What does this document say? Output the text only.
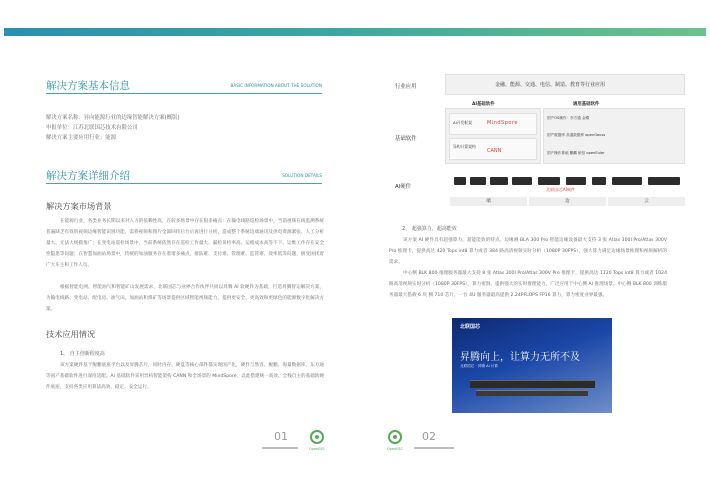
解决方案基本信息	BASIC INFORMATION ABOUT THE SOLUTION
解决方案名称：昇向能源行业的边缘智能解决方案(概版)
申报单位：江苏北联国芯技术有限公司
解决方案主要应用行业：能源
解决方案详细介绍	SOLUTION DETAILS
解决方案市场背景
在能源行业，各类业务长期以来对人力的依赖性高，在较多场景中存在很多痛点：在输电线路巡检场景中，当前视频在线监测系统普遍缺乏有效的视频边缘智能识别功能，需将视频和图片全部回传后台后再进行分析，造成整个系统边端通讯及供电资源紧张、人工分析量大、无法大规模推广；在变电站巡检场景中，当前系统依然存在巡检工作量大、漏检误检率高、运维成本高等不下、运维工作存在安全性隐患等问题；在智慧加油站场景中，传统的加油服务存在着诸多痛点，排队难、支付难、管理难、监管难、效率低等问题，极受困扰着广大车主和工作人员。
根据智能电网、智能油气和智能矿山发展需求，北联国芯与业界合作伙伴共同以昇腾 AI 软硬件为基础，打造昇腾智运解决方案，为输电线路、变电站、配电房、油气田、加油站和煤矿等场景提供区域智能视频能力，提供更安全、更高效和更绿色的能源数字化解决方案。
技术应用情况
1、 自主创新程度高
该方案硬件基于鲲鹏底座平台以及昇腾芯片，同时内存、硬盘等核心部件都实现国产化，硬件与然容，鲲鹏、海量数据库，东方通等国产基础软件进行深度适配。AI 基础软件采用异构智能架构 CANN 和全场景的 MindSpore，以此搭建统一高效、全栈自主的基础软硬件底座，支持各类应用算法高效、稳定、安全运行。
01
OpenEEC
行业应用	金融、能源、交通、电信、制造、教育等行业应用
AI基础软件	通用基础软件
基础软件
AI开发框架	MindSpore
异构计算架构
CANN
国产OS操作：东方通 金蝶
国产数据库 高通数据库 openGauss
国产操作系统 麒麟 统信 openEuler
AI硬件	北联国芯AI硬件
端	边	云
2、 超强算力、超高能效
该方案 AI 硬件具有超强算力、超能能效的特点。边缘测 BLA 300 Pro 智能边缘设备最大支持 3 张 Atlas 300I Pro/Atlas 300V Pro 推理卡，提供高达 420 Tops int8 算力或者 384 路高清视频实时分析（1080P 30FPS），强大算力满足边缘场景推理和视频解析的需求。
中心侧 BLK 800 推理服务器最大支持 8 张 Atlas 300I Pro/Atlas 300V Pro 推理卡，提供高达 1120 Tops int8 算力或者 1024 路高清视频实时分析（1080P 30FPS），算力密洞，提供强大的实时推理能力，广泛应用于中心侧 AI 推理场景。中心侧 BLK 800 训练服务器最大搭载 6 块 腾 710 芯片，一台 4U 服务器最高提供 2.24PFLOPS FP16 算力，算力密度业界最强。
北联国芯
昇腾向上，让算力无所不及
北联国芯 · 昇腾 AI 计算
OpenEEC
02
